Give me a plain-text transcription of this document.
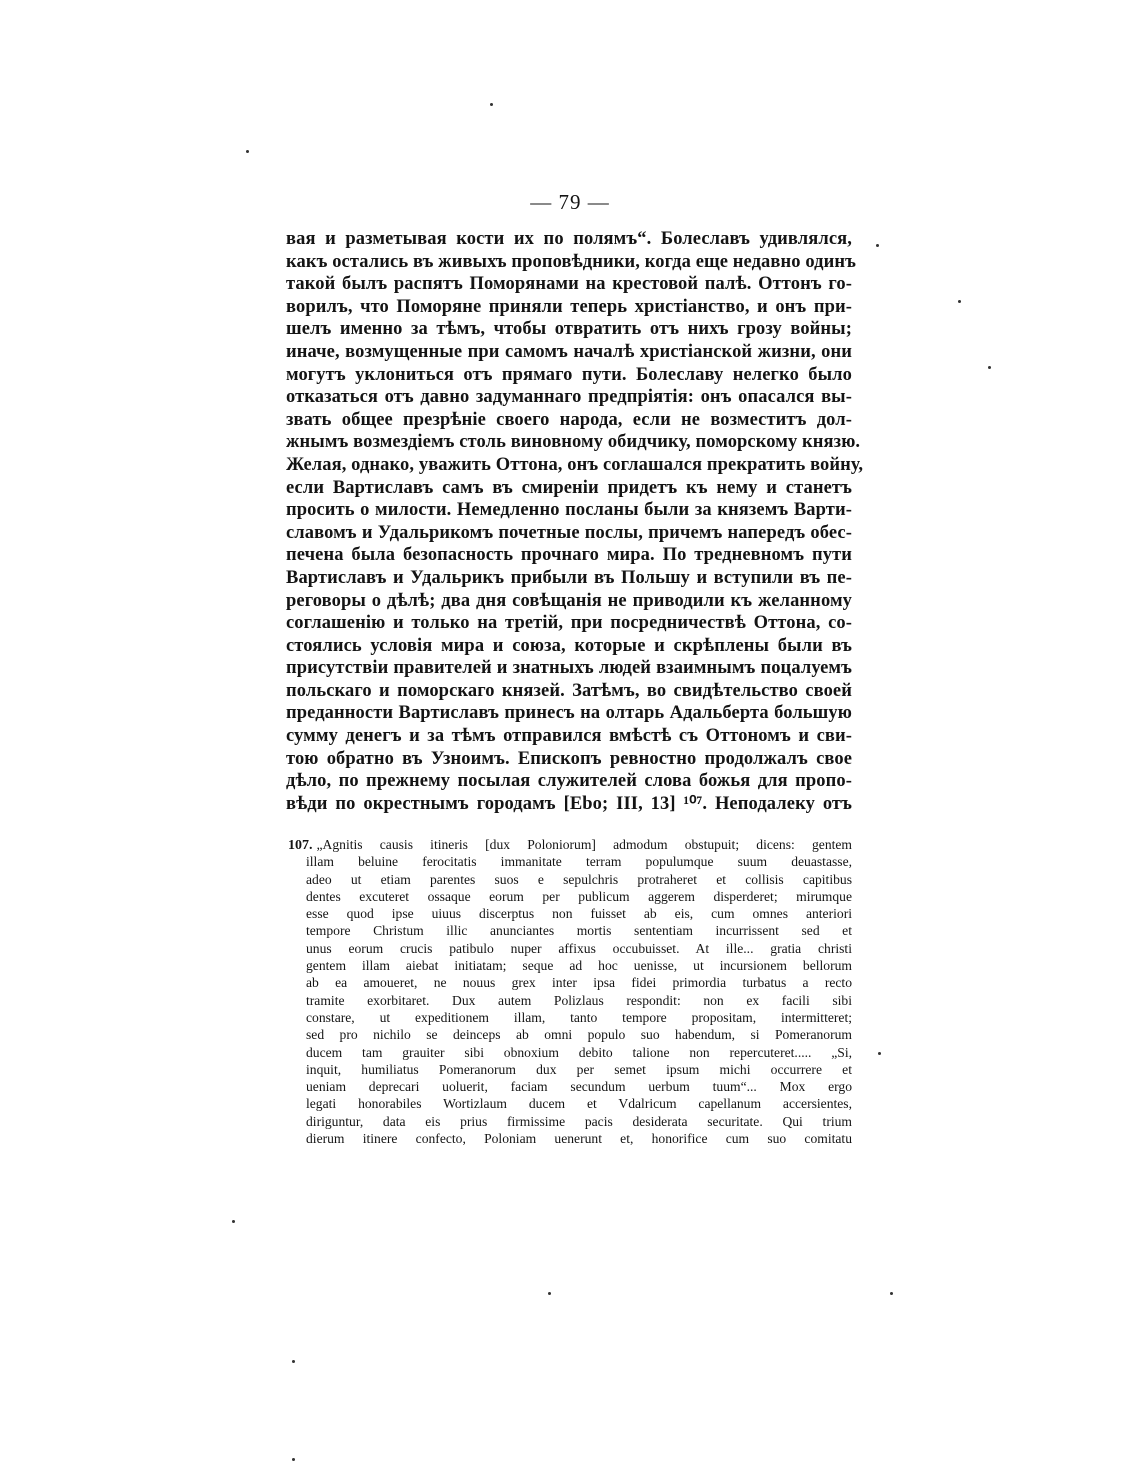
— 79 —
вая и разметывая кости их по полямъ“. Болеславъ удивлялся,
какъ остались въ живыхъ проповѣдники, когда еще недавно одинъ
такой былъ распятъ Поморянами на крестовой палѣ. Оттонъ го-
ворилъ, что Поморяне приняли теперь христіанство, и онъ при-
шелъ именно за тѣмъ, чтобы отвратить отъ нихъ грозу войны;
иначе, возмущенные при самомъ началѣ христіанской жизни, они
могутъ уклониться отъ прямаго пути. Болеславу нелегко было
отказаться отъ давно задуманнаго предпріятія: онъ опасался вы-
звать общее презрѣніе своего народа, если не возместитъ дол-
жнымъ возмездіемъ столь виновному обидчику, поморскому князю.
Желая, однако, уважить Оттона, онъ соглашался прекратить войну,
если Вартиславъ самъ въ смиреніи придетъ къ нему и станетъ
просить о милости. Немедленно посланы были за княземъ Варти-
славомъ и Удальрикомъ почетные послы, причемъ напередъ обес-
печена была безопасность прочнаго мира. По тредневномъ пути
Вартиславъ и Удальрикъ прибыли въ Польшу и вступили въ пе-
реговоры о дѣлѣ; два дня совѣщанія не приводили къ желанному
соглашенію и только на третій, при посредничествѣ Оттона, со-
стоялись условія мира и союза, которые и скрѣплены были въ
присутствіи правителей и знатныхъ людей взаимнымъ поцалуемъ
польскаго и поморскаго князей. Затѣмъ, во свидѣтельство своей
преданности Вартиславъ принесъ на олтарь Адальберта большую
сумму денегъ и за тѣмъ отправился вмѣстѣ съ Оттономъ и сви-
тою обратно въ Узноимъ. Епископъ ревностно продолжалъ свое
дѣло, по прежнему посылая служителей слова божья для пропо-
вѣди по окрестнымъ городамъ [Ebo; III, 13] ¹⁰⁷. Неподалеку отъ
107. „Agnitis causis itineris [dux Poloniorum] admodum obstupuit; dicens: gentem
illam beluine ferocitatis immanitate terram populumque suum deuastasse,
adeo ut etiam parentes suos e sepulchris protraheret et collisis capitibus
dentes excuteret ossaque eorum per publicum aggerem disperderet; mirumque
esse quod ipse uiuus discerptus non fuisset ab eis, cum omnes anteriori
tempore Christum illic anunciantes mortis sententiam incurrissent sed et
unus eorum crucis patibulo nuper affixus occubuisset. At ille... gratia christi
gentem illam aiebat initiatam; seque ad hoc uenisse, ut incursionem bellorum
ab ea amoueret, ne nouus grex inter ipsa fidei primordia turbatus a recto
tramite exorbitaret. Dux autem Polizlaus respondit: non ex facili sibi
constare, ut expeditionem illam, tanto tempore propositam, intermitteret;
sed pro nichilo se deinceps ab omni populo suo habendum, si Pomeranorum
ducem tam grauiter sibi obnoxium debito talione non repercuteret..... „Si,
inquit, humiliatus Pomeranorum dux per semet ipsum michi occurrere et
ueniam deprecari uoluerit, faciam secundum uerbum tuum“... Mox ergo
legati honorabiles Wortizlaum ducem et Vdalricum capellanum accersientes,
diriguntur, data eis prius firmissime pacis desiderata securitate. Qui trium
dierum itinere confecto, Poloniam uenerunt et, honorifice cum suo comitatu
